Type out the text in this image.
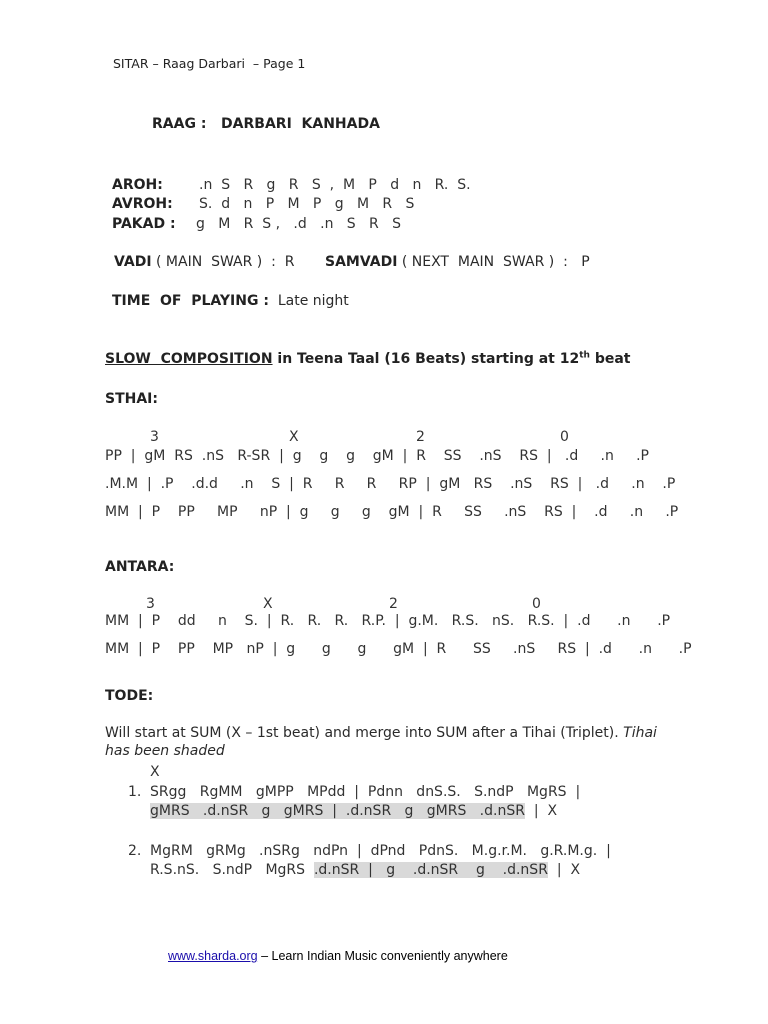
SITAR – Raag Darbari  – Page 1
RAAG : DARBARI  KANHADA
AROH:	.n  S   R   g   R   S  ,  M   P   d   n   R.  S.
AVROH: S.  d   n   P   M   P   g   M   R   S
PAKAD : g   M   R  S ,   .d   .n   S   R   S
VADI ( MAIN  SWAR )  : R SAMVADI ( NEXT  MAIN  SWAR )  : P
TIME  OF  PLAYING : Late night
SLOW  COMPOSITION in Teena Taal (16 Beats) starting at 12th beat
STHAI:
3	X	2	0
PP  |  gM  RS  .nS   R-SR  |  g    g    g    gM  |  R    SS    .nS    RS  |   .d     .n     .P
.M.M  |  .P    .d.d     .n    S  |  R     R     R     RP  |  gM   RS    .nS    RS  |   .d     .n    .P
MM  |  P    PP     MP     nP  |  g     g     g    gM  |  R     SS     .nS    RS  |    .d     .n     .P
ANTARA:
3	X	2	0
MM  |  P    dd     n    S.  |  R.   R.   R.   R.P.  |  g.M.   R.S.   nS.   R.S.  |  .d      .n      .P
MM  |  P    PP    MP   nP  |  g      g      g      gM  |  R      SS     .nS     RS  |  .d      .n      .P
TODE:
Will start at SUM (X – 1st beat) and merge into SUM after a Tihai (Triplet). Tihai
has been shaded
X
1. SRgg   RgMM   gMPP   MPdd  |  Pdnn   dnS.S.   S.ndP   MgRS  |
gMRS   .d.nSR   g   gMRS  |  .d.nSR   g   gMRS   .d.nSR  |  X
2. MgRM   gRMg   .nSRg   ndPn  |  dPnd   PdnS.   M.g.r.M.   g.R.M.g.  |
R.S.nS.   S.ndP   MgRS  .d.nSR  |   g    .d.nSR    g    .d.nSR  |  X
www.sharda.org – Learn Indian Music conveniently anywhere
